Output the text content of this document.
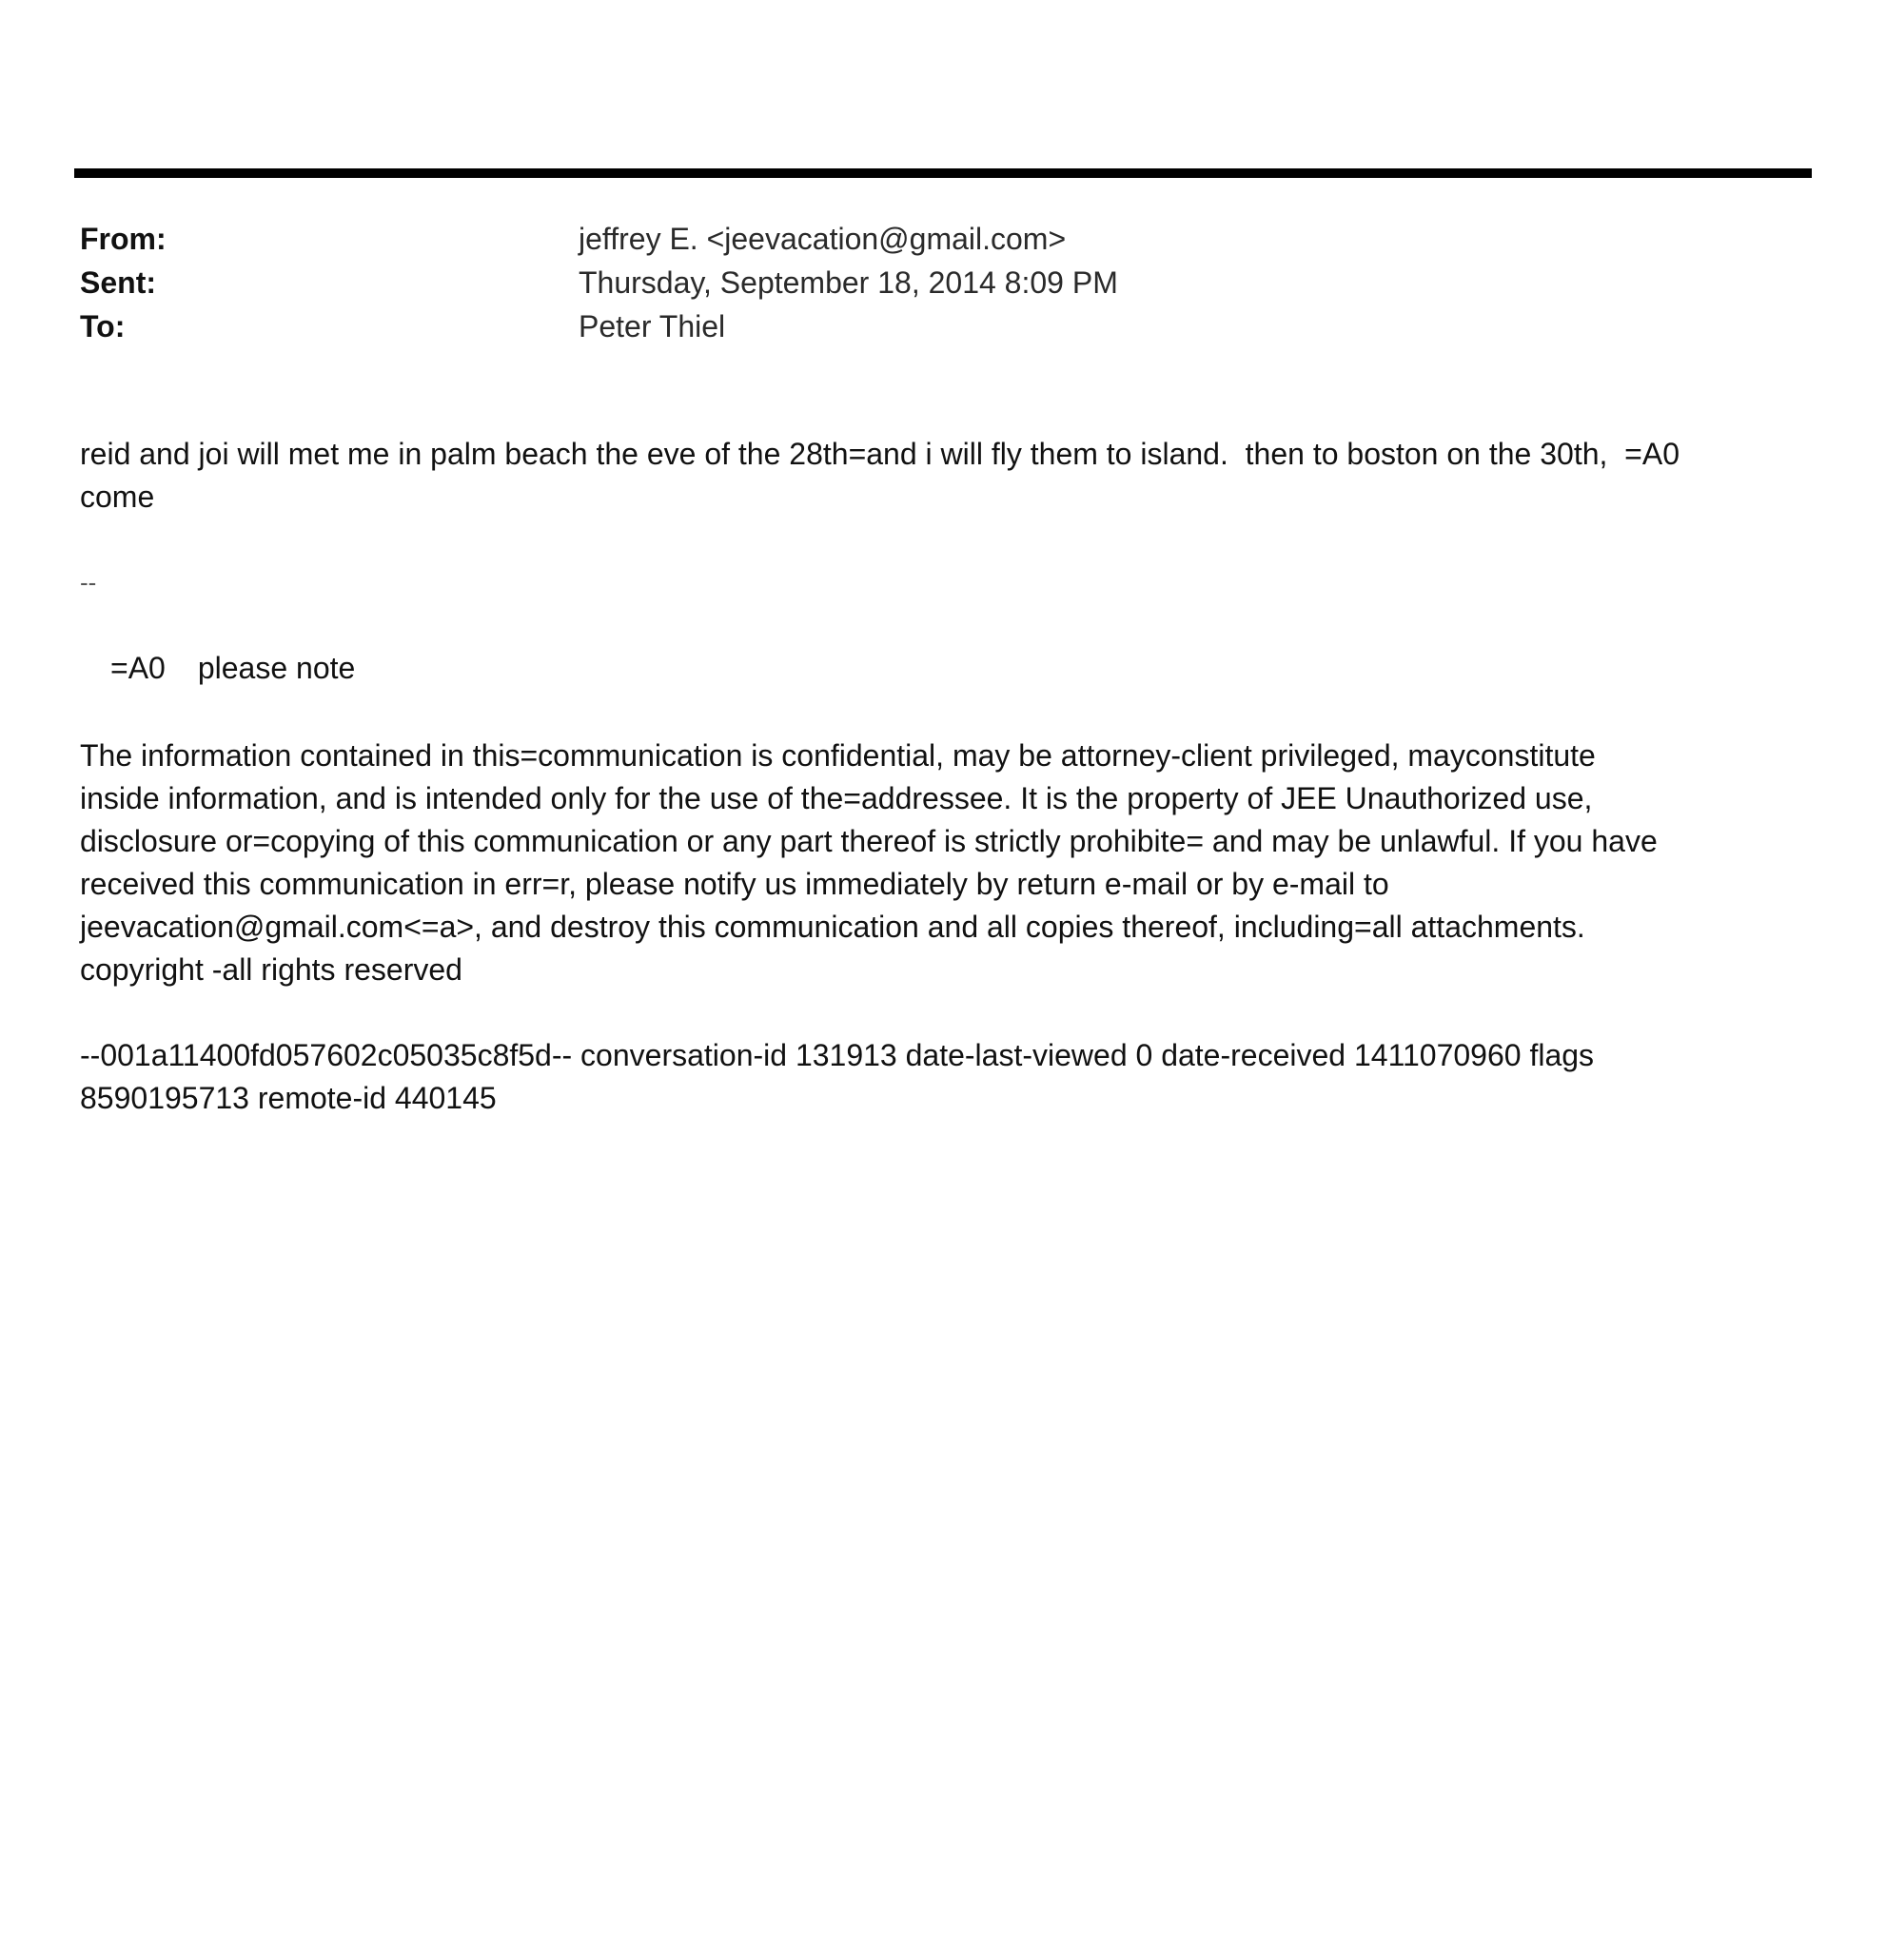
From:	jeffrey E. <jeevacation@gmail.com>
Sent:	Thursday, September 18, 2014 8:09 PM
To:	Peter Thiel
reid and joi will met me in palm beach the eve of the 28th=and i will fly them to island.  then to boston on the 30th,  =A0
come
--
=A0 please note
The information contained in this=communication is confidential, may be attorney-client privileged, mayconstitute
inside information, and is intended only for the use of the=addressee. It is the property of JEE Unauthorized use,
disclosure or=copying of this communication or any part thereof is strictly prohibite= and may be unlawful. If you have
received this communication in err=r, please notify us immediately by return e-mail or by e-mail to
jeevacation@gmail.com<=a>, and destroy this communication and all copies thereof, including=all attachments.
copyright -all rights reserved
--001a11400fd057602c05035c8f5d-- conversation-id 131913 date-last-viewed 0 date-received 1411070960 flags
8590195713 remote-id 440145
